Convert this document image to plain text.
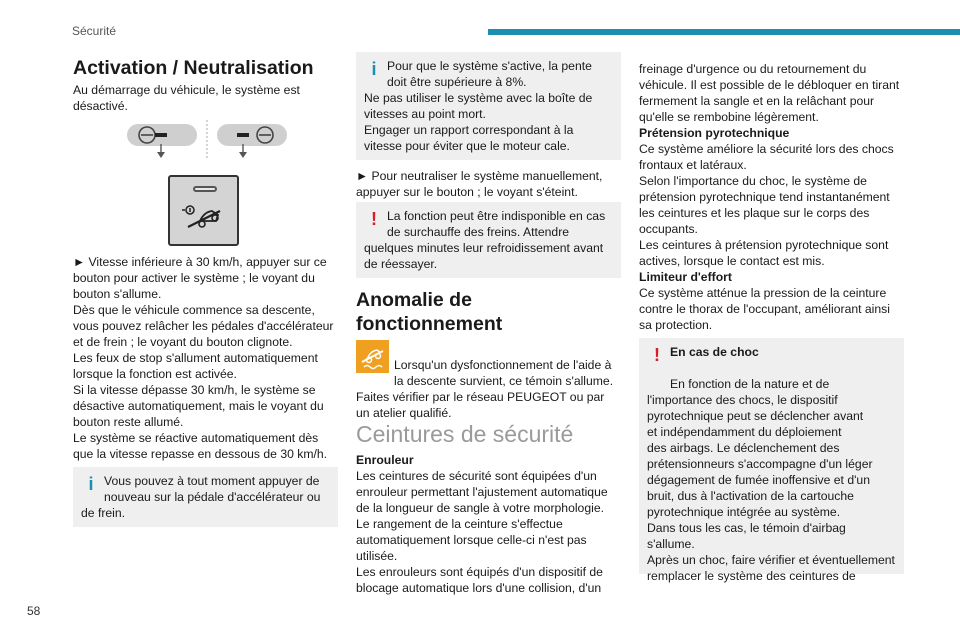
Sécurité
58
Activation / Neutralisation
Au démarrage du véhicule, le système est
désactivé.
► Vitesse inférieure à 30 km/h, appuyer sur ce
bouton pour activer le système ; le voyant du
bouton s'allume.
Dès que le véhicule commence sa descente,
vous pouvez relâcher les pédales d'accélérateur
et de frein ; le voyant du bouton clignote.
Les feux de stop s'allument automatiquement
lorsque la fonction est activée.
Si la vitesse dépasse 30 km/h, le système se
désactive automatiquement, mais le voyant du
bouton reste allumé.
Le système se réactive automatiquement dès
que la vitesse repasse en dessous de 30 km/h.
i Vous pouvez à tout moment appuyer de
nouveau sur la pédale d'accélérateur ou
de frein.
i Pour que le système s'active, la pente
doit être supérieure à 8%.
Ne pas utiliser le système avec la boîte de
vitesses au point mort.
Engager un rapport correspondant à la
vitesse pour éviter que le moteur cale.
► Pour neutraliser le système manuellement,
appuyer sur le bouton ; le voyant s'éteint.
! La fonction peut être indisponible en cas
de surchauffe des freins. Attendre
quelques minutes leur refroidissement avant
de réessayer.
Anomalie de
fonctionnement

Lorsqu'un dysfonctionnement de l'aide à
la descente survient, ce témoin s'allume.
Faites vérifier par le réseau PEUGEOT ou par
un atelier qualifié.

Ceintures de sécurité
Enrouleur
Les ceintures de sécurité sont équipées d'un
enrouleur permettant l'ajustement automatique
de la longueur de sangle à votre morphologie.
Le rangement de la ceinture s'effectue
automatiquement lorsque celle-ci n'est pas
utilisée.
Les enrouleurs sont équipés d'un dispositif de
blocage automatique lors d'une collision, d'un
freinage d'urgence ou du retournement du
véhicule. Il est possible de le débloquer en tirant
fermement la sangle et en la relâchant pour
qu'elle se rembobine légèrement.
Prétension pyrotechnique
Ce système améliore la sécurité lors des chocs
frontaux et latéraux.
Selon l'importance du choc, le système de
prétension pyrotechnique tend instantanément
les ceintures et les plaque sur le corps des
occupants.
Les ceintures à prétension pyrotechnique sont
actives, lorsque le contact est mis.
Limiteur d'effort
Ce système atténue la pression de la ceinture
contre le thorax de l'occupant, améliorant ainsi
sa protection.
! En cas de choc

En fonction de la nature et de
l'importance des chocs, le dispositif
pyrotechnique peut se déclencher avant
et indépendamment du déploiement
des airbags. Le déclenchement des
prétensionneurs s'accompagne d'un léger
dégagement de fumée inoffensive et d'un
bruit, dus à l'activation de la cartouche
pyrotechnique intégrée au système.
Dans tous les cas, le témoin d'airbag
s'allume.
Après un choc, faire vérifier et éventuellement
remplacer le système des ceintures de
